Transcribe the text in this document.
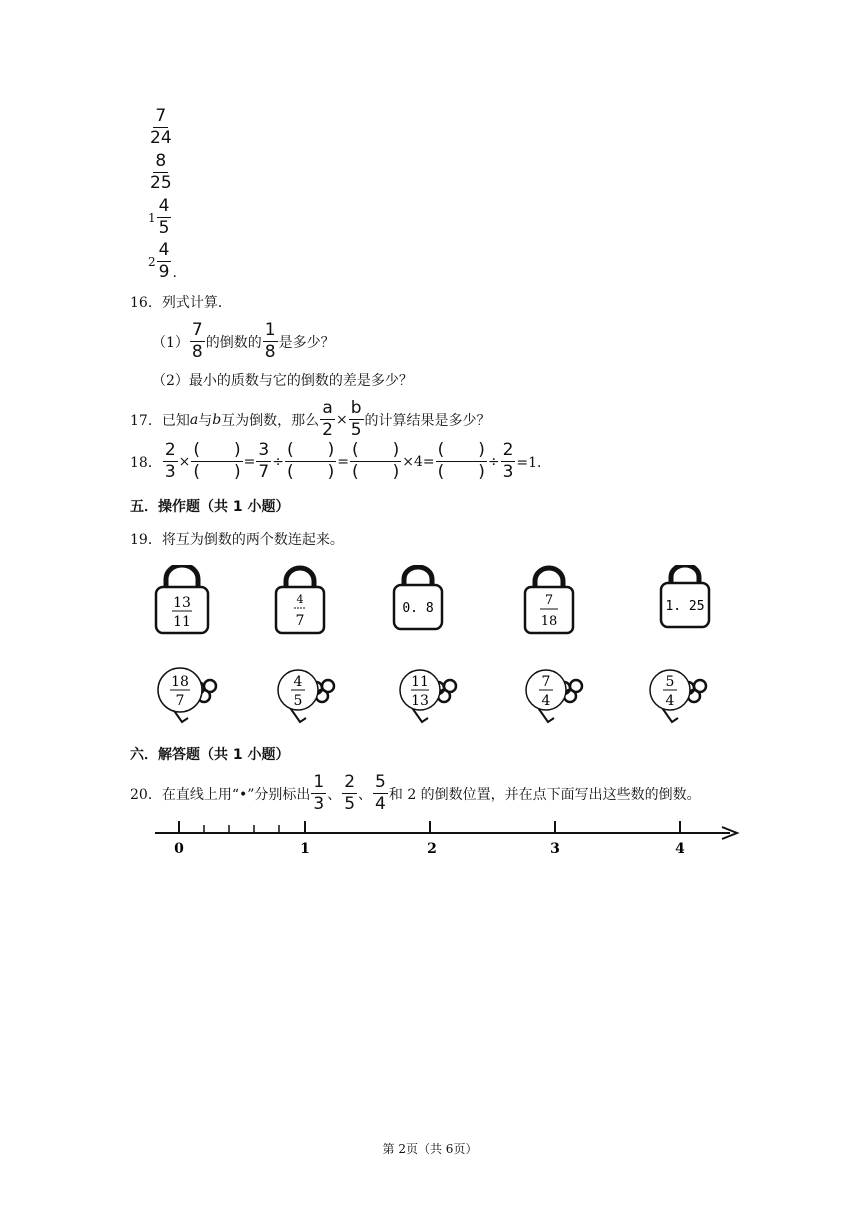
$\frac{7}{24}$
$\frac{8}{25}$
$1 \frac{4}{5}$
$2 \frac{4}{9}$ .
16．列式计算．
$(1) \frac{7}{8}$ 的倒数的 $\frac{1}{8}$ 是多少？
（2）最小的质数与它的倒数的差是多少？
17．已知 a 与 b 互为倒数，那么 $\frac{a}{2} \times \frac{b}{5}$ 的计算结果是多少？
18． $\frac{2}{3} \times \frac{( )}{( )} = \frac{3}{7} \div \frac{( )}{( )} = \frac{( )}{( )} \times 4 = \frac{( )}{( )} \div \frac{2}{3} =1$．
五．操作题（共 1 小题）
19．将互为倒数的两个数连起来。
13
11
4
7
0. 8
7
18
1. 25
18
7
4
5
11
13
7
4
5
4
六．解答题（共 1 小题）
20．在直线上用“•”分别标出 $\frac{1}{3}$ 、 $\frac{2}{5}$ 、 $\frac{5}{4}$ 和 2 的倒数位置，并在点下面写出这些数的倒数。
0	1	2	3	4
第 2页（共 6页）
